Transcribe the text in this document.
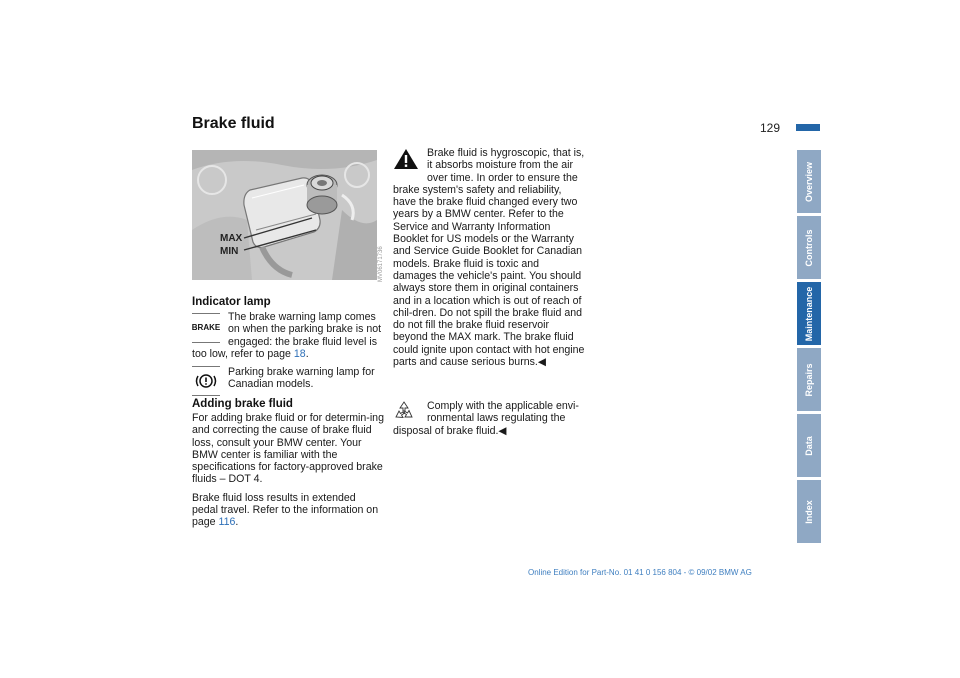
Brake fluid	129
MAX
MIN	MV06171736
Indicator lamp
BRAKE
The brake warning lamp comes on when the parking brake is not engaged: the brake fluid level is too low, refer to page 18.
Parking brake warning lamp for Canadian models.
Adding brake fluid
For adding brake fluid or for determin-ing and correcting the cause of brake fluid loss, consult your BMW center. Your BMW center is familiar with the specifications for factory-approved brake fluids – DOT 4.
Brake fluid loss results in extended pedal travel. Refer to the information on page 116.
Brake fluid is hygroscopic, that is, it absorbs moisture from the air over time. In order to ensure the brake system's safety and reliability, have the brake fluid changed every two years by a BMW center. Refer to the Service and Warranty Information Booklet for US models or the Warranty and Service Guide Booklet for Canadian models. Brake fluid is toxic and damages the vehicle's paint. You should always store them in original containers and in a location which is out of reach of chil-dren. Do not spill the brake fluid and do not fill the brake fluid reservoir beyond the MAX mark. The brake fluid could ignite upon contact with hot engine parts and cause serious burns.◀
Comply with the applicable envi-ronmental laws regulating the disposal of brake fluid.◀
Overview
Controls
Maintenance
Repairs
Data
Index
Online Edition for Part-No. 01 41 0 156 804 - © 09/02 BMW AG
